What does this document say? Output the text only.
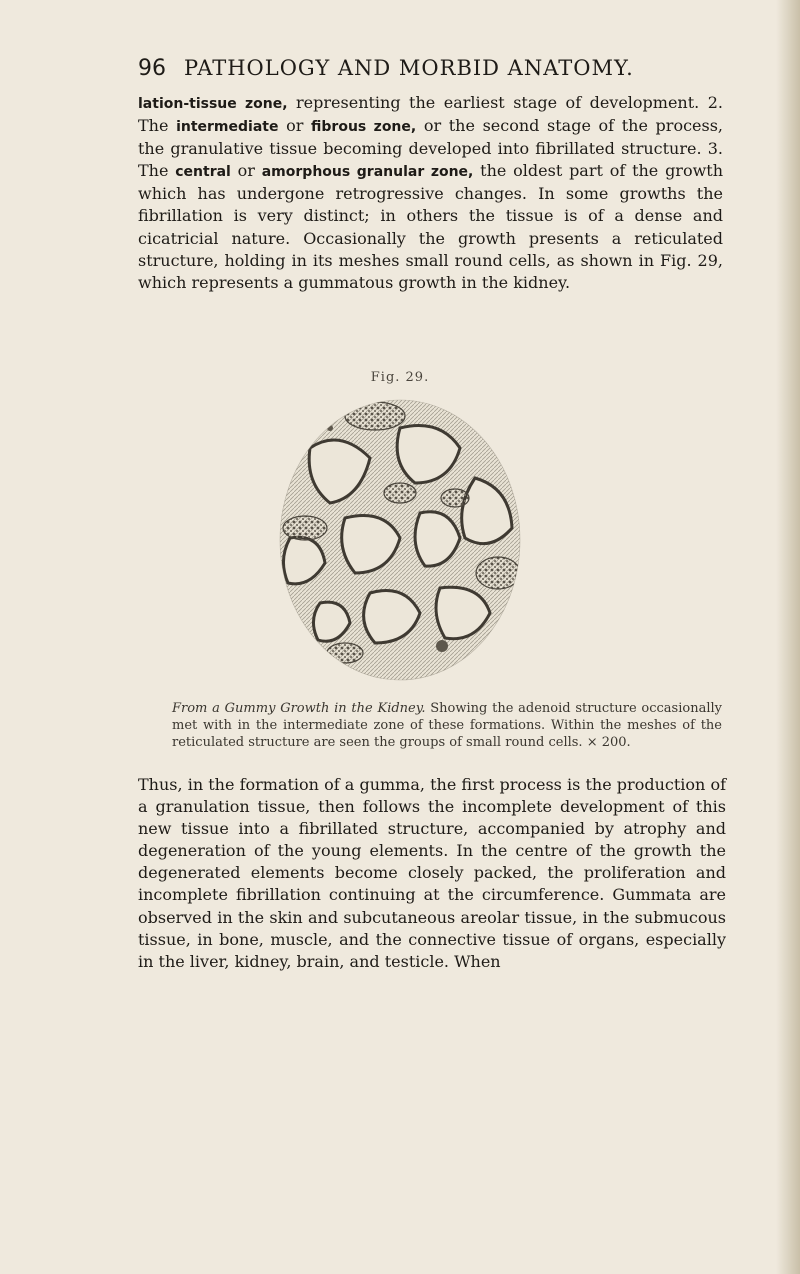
96 PATHOLOGY AND MORBID ANATOMY.
lation-tissue zone, representing the earliest stage of development. 2. The intermediate or fibrous zone, or the second stage of the process, the granulative tissue becoming developed into fibrillated structure. 3. The central or amorphous granular zone, the oldest part of the growth which has undergone retrogressive changes. In some growths the fibrillation is very distinct; in others the tissue is of a dense and cicatricial nature. Occasionally the growth presents a reticulated structure, holding in its meshes small round cells, as shown in Fig. 29, which represents a gummatous growth in the kidney.
Fig. 29.
From a Gummy Growth in the Kidney. Showing the adenoid structure occasionally met with in the intermediate zone of these formations. Within the meshes of the reticulated structure are seen the groups of small round cells. × 200.
Thus, in the formation of a gumma, the first process is the production of a granulation tissue, then follows the incomplete development of this new tissue into a fibrillated structure, accompanied by atrophy and degeneration of the young elements. In the centre of the growth the degenerated elements become closely packed, the proliferation and incomplete fibrillation continuing at the circumference. Gummata are observed in the skin and subcutaneous areolar tissue, in the submucous tissue, in bone, muscle, and the connective tissue of organs, especially in the liver, kidney, brain, and testicle. When
